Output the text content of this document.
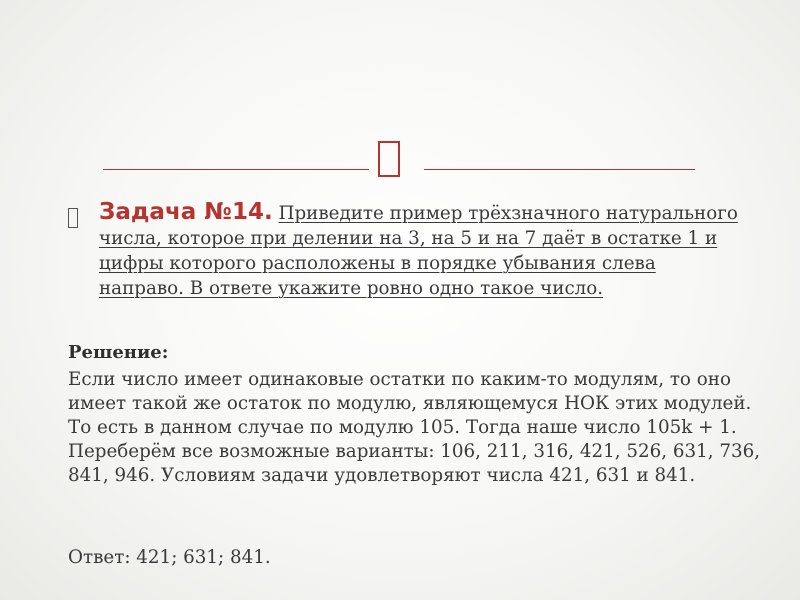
Задача №14. Приведите пример трёхзначного натурального числа, которое при делении на 3, на 5 и на 7 даёт в остатке 1 и цифры которого расположены в порядке убывания слева направо. В ответе укажите ровно одно такое число.
Решение:
Если число имеет одинаковые остатки по каким-то модулям, то оно имеет такой же остаток по модулю, являющемуся НОК этих модулей. То есть в данном случае по модулю 105. Тогда наше число 105k + 1. Переберём все возможные варианты: 106, 211, 316, 421, 526, 631, 736, 841, 946. Условиям задачи удовлетворяют числа 421, 631 и 841.
Ответ: 421; 631; 841.
